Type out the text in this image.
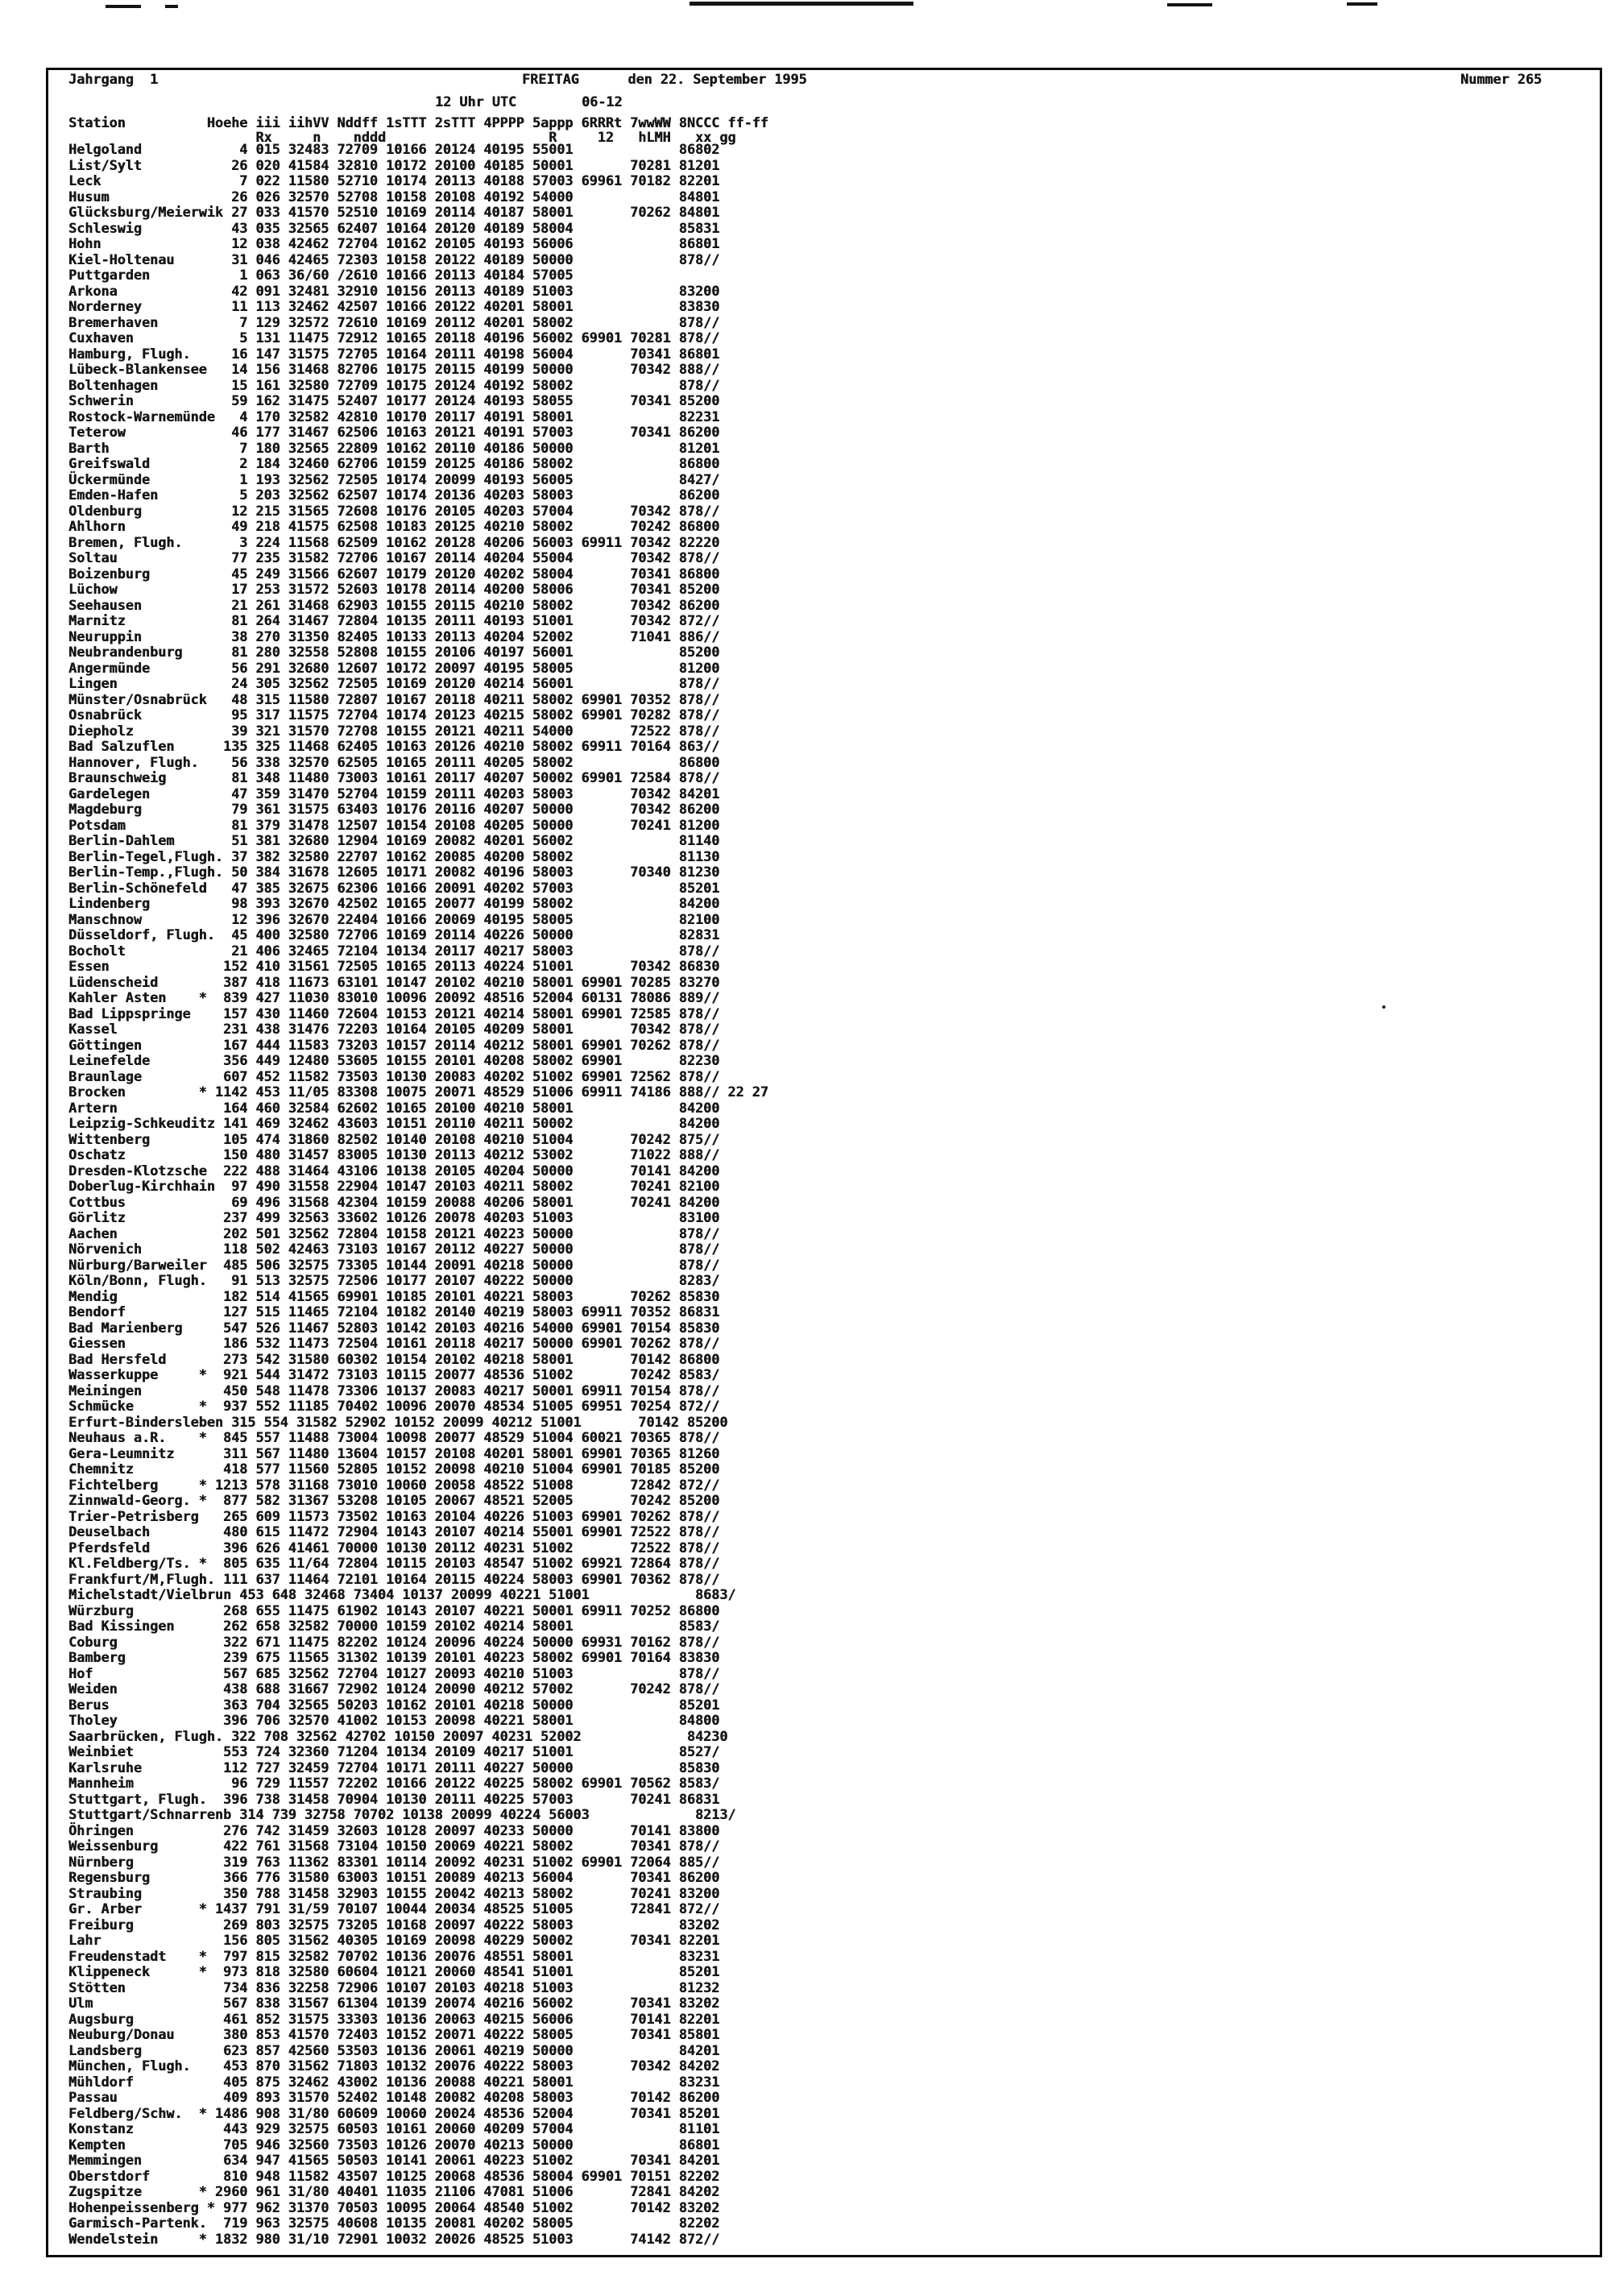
Jahrgang  1	FREITAG      den 22. September 1995	Nummer 265
12 Uhr UTC	06-12
Station          Hoehe iii iihVV Nddff 1sTTT 2sTTT 4PPPP 5appp 6RRRt 7wwWW 8NCCC ff-ff
Rx     n    nddd                    R     12   hLMH   xx gg
Helgoland            4 015 32483 72709 10166 20124 40195 55001             86802
List/Sylt           26 020 41584 32810 10172 20100 40185 50001       70281 81201
Leck                 7 022 11580 52710 10174 20113 40188 57003 69961 70182 82201
Husum               26 026 32570 52708 10158 20108 40192 54000             84801
Glücksburg/Meierwik 27 033 41570 52510 10169 20114 40187 58001       70262 84801
Schleswig           43 035 32565 62407 10164 20120 40189 58004             85831
Hohn                12 038 42462 72704 10162 20105 40193 56006             86801
Kiel-Holtenau       31 046 42465 72303 10158 20122 40189 50000             878//
Puttgarden           1 063 36/60 /2610 10166 20113 40184 57005
Arkona              42 091 32481 32910 10156 20113 40189 51003             83200
Norderney           11 113 32462 42507 10166 20122 40201 58001             83830
Bremerhaven          7 129 32572 72610 10169 20112 40201 58002             878//
Cuxhaven             5 131 11475 72912 10165 20118 40196 56002 69901 70281 878//
Hamburg, Flugh.     16 147 31575 72705 10164 20111 40198 56004       70341 86801
Lübeck-Blankensee   14 156 31468 82706 10175 20115 40199 50000       70342 888//
Boltenhagen         15 161 32580 72709 10175 20124 40192 58002             878//
Schwerin            59 162 31475 52407 10177 20124 40193 58055       70341 85200
Rostock-Warnemünde   4 170 32582 42810 10170 20117 40191 58001             82231
Teterow             46 177 31467 62506 10163 20121 40191 57003       70341 86200
Barth                7 180 32565 22809 10162 20110 40186 50000             81201
Greifswald           2 184 32460 62706 10159 20125 40186 58002             86800
Ückermünde           1 193 32562 72505 10174 20099 40193 56005             8427/
Emden-Hafen          5 203 32562 62507 10174 20136 40203 58003             86200
Oldenburg           12 215 31565 72608 10176 20105 40203 57004       70342 878//
Ahlhorn             49 218 41575 62508 10183 20125 40210 58002       70242 86800
Bremen, Flugh.       3 224 11568 62509 10162 20128 40206 56003 69911 70342 82220
Soltau              77 235 31582 72706 10167 20114 40204 55004       70342 878//
Boizenburg          45 249 31566 62607 10179 20120 40202 58004       70341 86800
Lüchow              17 253 31572 52603 10178 20114 40200 58006       70341 85200
Seehausen           21 261 31468 62903 10155 20115 40210 58002       70342 86200
Marnitz             81 264 31467 72804 10135 20111 40193 51001       70342 872//
Neuruppin           38 270 31350 82405 10133 20113 40204 52002       71041 886//
Neubrandenburg      81 280 32558 52808 10155 20106 40197 56001             85200
Angermünde          56 291 32680 12607 10172 20097 40195 58005             81200
Lingen              24 305 32562 72505 10169 20120 40214 56001             878//
Münster/Osnabrück   48 315 11580 72807 10167 20118 40211 58002 69901 70352 878//
Osnabrück           95 317 11575 72704 10174 20123 40215 58002 69901 70282 878//
Diepholz            39 321 31570 72708 10155 20121 40211 54000       72522 878//
Bad Salzuflen      135 325 11468 62405 10163 20126 40210 58002 69911 70164 863//
Hannover, Flugh.    56 338 32570 62505 10165 20111 40205 58002             86800
Braunschweig        81 348 11480 73003 10161 20117 40207 50002 69901 72584 878//
Gardelegen          47 359 31470 52704 10159 20111 40203 58003       70342 84201
Magdeburg           79 361 31575 63403 10176 20116 40207 50000       70342 86200
Potsdam             81 379 31478 12507 10154 20108 40205 50000       70241 81200
Berlin-Dahlem       51 381 32680 12904 10169 20082 40201 56002             81140
Berlin-Tegel,Flugh. 37 382 32580 22707 10162 20085 40200 58002             81130
Berlin-Temp.,Flugh. 50 384 31678 12605 10171 20082 40196 58003       70340 81230
Berlin-Schönefeld   47 385 32675 62306 10166 20091 40202 57003             85201
Lindenberg          98 393 32670 42502 10165 20077 40199 58002             84200
Manschnow           12 396 32670 22404 10166 20069 40195 58005             82100
Düsseldorf, Flugh.  45 400 32580 72706 10169 20114 40226 50000             82831
Bocholt             21 406 32465 72104 10134 20117 40217 58003             878//
Essen              152 410 31561 72505 10165 20113 40224 51001       70342 86830
Lüdenscheid        387 418 11673 63101 10147 20102 40210 58001 69901 70285 83270
Kahler Asten    *  839 427 11030 83010 10096 20092 48516 52004 60131 78086 889//
Bad Lippspringe    157 430 11460 72604 10153 20121 40214 58001 69901 72585 878//
Kassel             231 438 31476 72203 10164 20105 40209 58001       70342 878//
Göttingen          167 444 11583 73203 10157 20114 40212 58001 69901 70262 878//
Leinefelde         356 449 12480 53605 10155 20101 40208 58002 69901       82230
Braunlage          607 452 11582 73503 10130 20083 40202 51002 69901 72562 878//
Brocken         * 1142 453 11/05 83308 10075 20071 48529 51006 69911 74186 888// 22 27
Artern             164 460 32584 62602 10165 20100 40210 58001             84200
Leipzig-Schkeuditz 141 469 32462 43603 10151 20110 40211 50002             84200
Wittenberg         105 474 31860 82502 10140 20108 40210 51004       70242 875//
Oschatz            150 480 31457 83005 10130 20113 40212 53002       71022 888//
Dresden-Klotzsche  222 488 31464 43106 10138 20105 40204 50000       70141 84200
Doberlug-Kirchhain  97 490 31558 22904 10147 20103 40211 58002       70241 82100
Cottbus             69 496 31568 42304 10159 20088 40206 58001       70241 84200
Görlitz            237 499 32563 33602 10126 20078 40203 51003             83100
Aachen             202 501 32562 72804 10158 20121 40223 50000             878//
Nörvenich          118 502 42463 73103 10167 20112 40227 50000             878//
Nürburg/Barweiler  485 506 32575 73305 10144 20091 40218 50000             878//
Köln/Bonn, Flugh.   91 513 32575 72506 10177 20107 40222 50000             8283/
Mendig             182 514 41565 69901 10185 20101 40221 58003       70262 85830
Bendorf            127 515 11465 72104 10182 20140 40219 58003 69911 70352 86831
Bad Marienberg     547 526 11467 52803 10142 20103 40216 54000 69901 70154 85830
Giessen            186 532 11473 72504 10161 20118 40217 50000 69901 70262 878//
Bad Hersfeld       273 542 31580 60302 10154 20102 40218 58001       70142 86800
Wasserkuppe     *  921 544 31472 73103 10115 20077 48536 51002       70242 8583/
Meiningen          450 548 11478 73306 10137 20083 40217 50001 69911 70154 878//
Schmücke        *  937 552 11185 70402 10096 20070 48534 51005 69951 70254 872//
Erfurt-Bindersleben 315 554 31582 52902 10152 20099 40212 51001       70142 85200
Neuhaus a.R.    *  845 557 11488 73004 10098 20077 48529 51004 60021 70365 878//
Gera-Leumnitz      311 567 11480 13604 10157 20108 40201 58001 69901 70365 81260
Chemnitz           418 577 11560 52805 10152 20098 40210 51004 69901 70185 85200
Fichtelberg     * 1213 578 31168 73010 10060 20058 48522 51008       72842 872//
Zinnwald-Georg. *  877 582 31367 53208 10105 20067 48521 52005       70242 85200
Trier-Petrisberg   265 609 11573 73502 10163 20104 40226 51003 69901 70262 878//
Deuselbach         480 615 11472 72904 10143 20107 40214 55001 69901 72522 878//
Pferdsfeld         396 626 41461 70000 10130 20112 40231 51002       72522 878//
Kl.Feldberg/Ts. *  805 635 11/64 72804 10115 20103 48547 51002 69921 72864 878//
Frankfurt/M,Flugh. 111 637 11464 72101 10164 20115 40224 58003 69901 70362 878//
Michelstadt/Vielbrun 453 648 32468 73404 10137 20099 40221 51001             8683/
Würzburg           268 655 11475 61902 10143 20107 40221 50001 69911 70252 86800
Bad Kissingen      262 658 32582 70000 10159 20102 40214 58001             8583/
Coburg             322 671 11475 82202 10124 20096 40224 50000 69931 70162 878//
Bamberg            239 675 11565 31302 10139 20101 40223 58002 69901 70164 83830
Hof                567 685 32562 72704 10127 20093 40210 51003             878//
Weiden             438 688 31667 72902 10124 20090 40212 57002       70242 878//
Berus              363 704 32565 50203 10162 20101 40218 50000             85201
Tholey             396 706 32570 41002 10153 20098 40221 58001             84800
Saarbrücken, Flugh. 322 708 32562 42702 10150 20097 40231 52002             84230
Weinbiet           553 724 32360 71204 10134 20109 40217 51001             8527/
Karlsruhe          112 727 32459 72704 10171 20111 40227 50000             85830
Mannheim            96 729 11557 72202 10166 20122 40225 58002 69901 70562 8583/
Stuttgart, Flugh.  396 738 31458 70904 10130 20111 40225 57003       70241 86831
Stuttgart/Schnarrenb 314 739 32758 70702 10138 20099 40224 56003             8213/
Öhringen           276 742 31459 32603 10128 20097 40233 50000       70141 83800
Weissenburg        422 761 31568 73104 10150 20069 40221 58002       70341 878//
Nürnberg           319 763 11362 83301 10114 20092 40231 51002 69901 72064 885//
Regensburg         366 776 31580 63003 10151 20089 40213 56004       70341 86200
Straubing          350 788 31458 32903 10155 20042 40213 58002       70241 83200
Gr. Arber       * 1437 791 31/59 70107 10044 20034 48525 51005       72841 872//
Freiburg           269 803 32575 73205 10168 20097 40222 58003             83202
Lahr               156 805 31562 40305 10169 20098 40229 50002       70341 82201
Freudenstadt    *  797 815 32582 70702 10136 20076 48551 58001             83231
Klippeneck      *  973 818 32580 60604 10121 20060 48541 51001             85201
Stötten            734 836 32258 72906 10107 20103 40218 51003             81232
Ulm                567 838 31567 61304 10139 20074 40216 56002       70341 83202
Augsburg           461 852 31575 33303 10136 20063 40215 56006       70141 82201
Neuburg/Donau      380 853 41570 72403 10152 20071 40222 58005       70341 85801
Landsberg          623 857 42560 53503 10136 20061 40219 50000             84201
München, Flugh.    453 870 31562 71803 10132 20076 40222 58003       70342 84202
Mühldorf           405 875 32462 43002 10136 20088 40221 58001             83231
Passau             409 893 31570 52402 10148 20082 40208 58003       70142 86200
Feldberg/Schw.  * 1486 908 31/80 60609 10060 20024 48536 52004       70341 85201
Konstanz           443 929 32575 60503 10161 20060 40209 57004             81101
Kempten            705 946 32560 73503 10126 20070 40213 50000             86801
Memmingen          634 947 41565 50503 10141 20061 40223 51002       70341 84201
Oberstdorf         810 948 11582 43507 10125 20068 48536 58004 69901 70151 82202
Zugspitze       * 2960 961 31/80 40401 11035 21106 47081 51006       72841 84202
Hohenpeissenberg * 977 962 31370 70503 10095 20064 48540 51002       70142 83202
Garmisch-Partenk.  719 963 32575 40608 10135 20081 40202 58005             82202
Wendelstein     * 1832 980 31/10 72901 10032 20026 48525 51003       74142 872//
